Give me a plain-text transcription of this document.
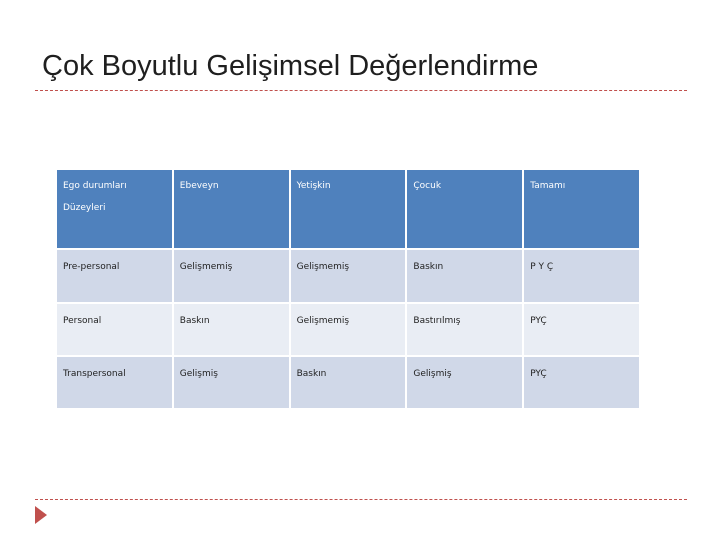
Çok Boyutlu Gelişimsel Değerlendirme
Ego durumları
Düzeyleri	Ebeveyn	Yetişkin	Çocuk	Tamamı
Pre-personal	Gelişmemiş	Gelişmemiş	Baskın	P Y Ç
Personal	Baskın	Gelişmemiş	Bastırılmış	PYÇ
Transpersonal	Gelişmiş	Baskın	Gelişmiş	PYÇ
